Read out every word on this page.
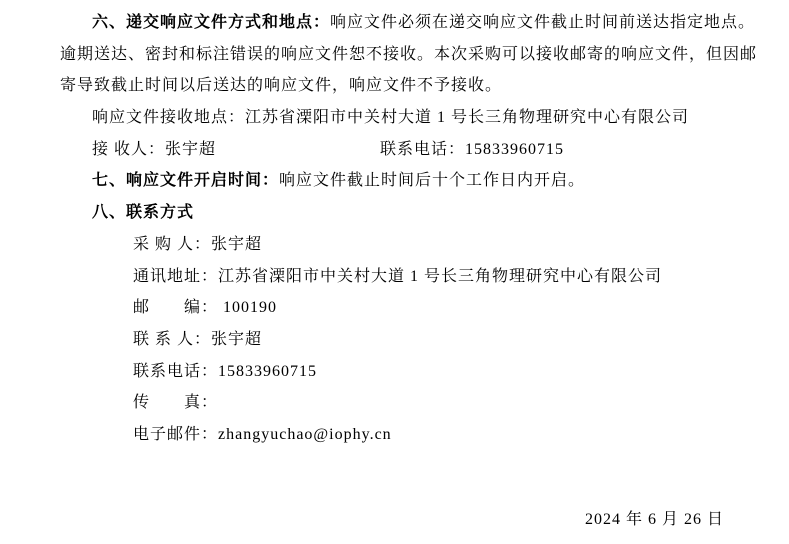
六、递交响应文件方式和地点：响应文件必须在递交响应文件截止时间前送达指定地点。
逾期送达、密封和标注错误的响应文件恕不接收。本次采购可以接收邮寄的响应文件，但因邮
寄导致截止时间以后送达的响应文件，响应文件不予接收。
响应文件接收地点：江苏省溧阳市中关村大道 1 号长三角物理研究中心有限公司
接 收人：张宇超	联系电话：15833960715
七、响应文件开启时间：响应文件截止时间后十个工作日内开启。
八、联系方式
采 购 人：张宇超
通讯地址：江苏省溧阳市中关村大道 1 号长三角物理研究中心有限公司
邮　　编： 100190
联 系 人：张宇超
联系电话：15833960715
传　　真：
电子邮件：zhangyuchao@iophy.cn
2024 年 6 月 26 日
